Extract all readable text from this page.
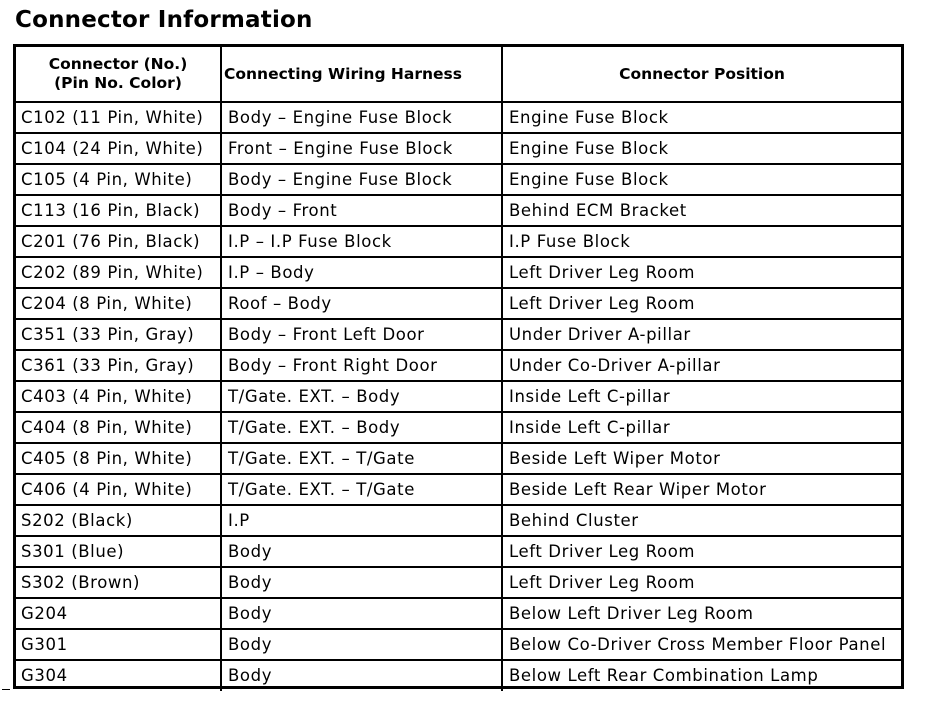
Connector Information
Connector (No.)
(Pin No. Color)	Connecting Wiring Harness	Connector Position
C102 (11 Pin, White)	Body – Engine Fuse Block	Engine Fuse Block
C104 (24 Pin, White)	Front – Engine Fuse Block	Engine Fuse Block
C105 (4 Pin, White)	Body – Engine Fuse Block	Engine Fuse Block
C113 (16 Pin, Black)	Body – Front	Behind ECM Bracket
C201 (76 Pin, Black)	I.P – I.P Fuse Block	I.P Fuse Block
C202 (89 Pin, White)	I.P – Body	Left Driver Leg Room
C204 (8 Pin, White)	Roof – Body	Left Driver Leg Room
C351 (33 Pin, Gray)	Body – Front Left Door	Under Driver A-pillar
C361 (33 Pin, Gray)	Body – Front Right Door	Under Co-Driver A-pillar
C403 (4 Pin, White)	T/Gate. EXT. – Body	Inside Left C-pillar
C404 (8 Pin, White)	T/Gate. EXT. – Body	Inside Left C-pillar
C405 (8 Pin, White)	T/Gate. EXT. – T/Gate	Beside Left Wiper Motor
C406 (4 Pin, White)	T/Gate. EXT. – T/Gate	Beside Left Rear Wiper Motor
S202 (Black)	I.P	Behind Cluster
S301 (Blue)	Body	Left Driver Leg Room
S302 (Brown)	Body	Left Driver Leg Room
G204	Body	Below Left Driver Leg Room
G301	Body	Below Co-Driver Cross Member Floor Panel
G304	Body	Below Left Rear Combination Lamp
